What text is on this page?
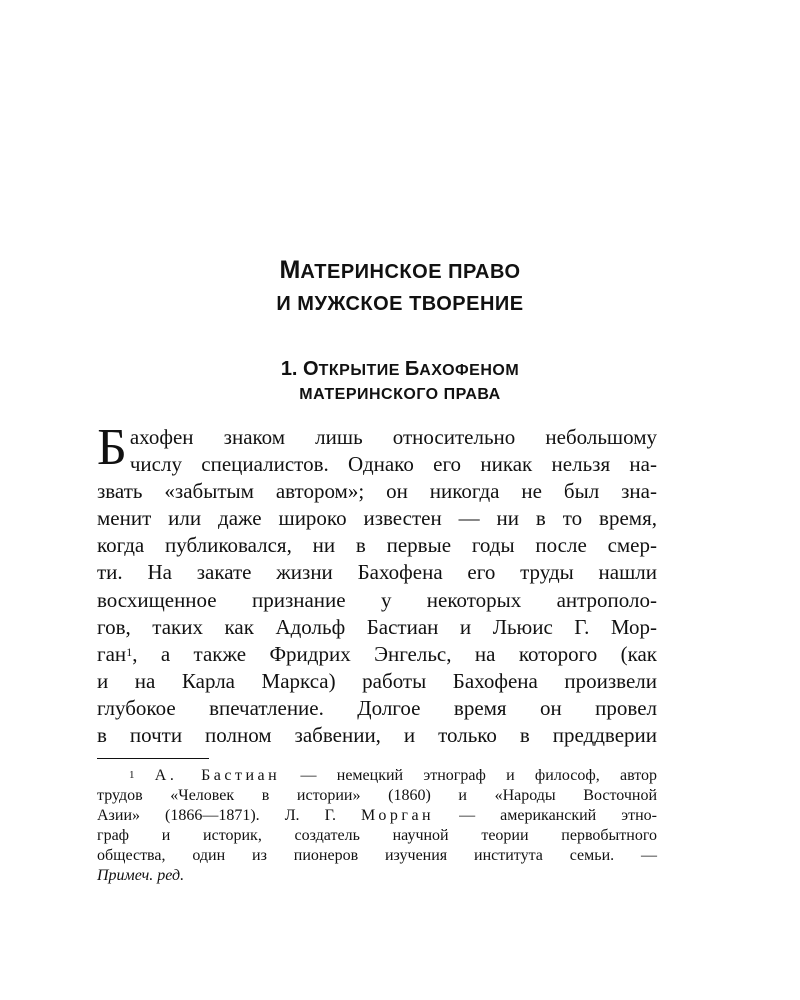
МАТЕРИНСКОЕ ПРАВО
И МУЖСКОЕ ТВОРЕНИЕ
1. ОТКРЫТИЕ БАХОФЕНОМ
МАТЕРИНСКОГО ПРАВА
Б ахофен знаком лишь относительно небольшому
числу специалистов. Однако его никак нельзя на-
звать «забытым автором»; он никогда не был зна-
менит или даже широко известен — ни в то время,
когда публиковался, ни в первые годы после смер-
ти. На закате жизни Бахофена его труды нашли
восхищенное признание у некоторых антрополо-
гов, таких как Адольф Бастиан и Льюис Г. Мор-
ган$^1$, а также Фридрих Энгельс, на которого (как
и на Карла Маркса) работы Бахофена произвели
глубокое впечатление. Долгое время он провел
в почти полном забвении, и только в преддверии
$^1$ А. Бастиан — немецкий этнограф и философ, автор
трудов «Человек в истории» (1860) и «Народы Восточной
Азии» (1866—1871). Л. Г. Морган — американский этно-
граф и историк, создатель научной теории первобытного
общества, один из пионеров изучения института семьи. —
Примеч. ред.
